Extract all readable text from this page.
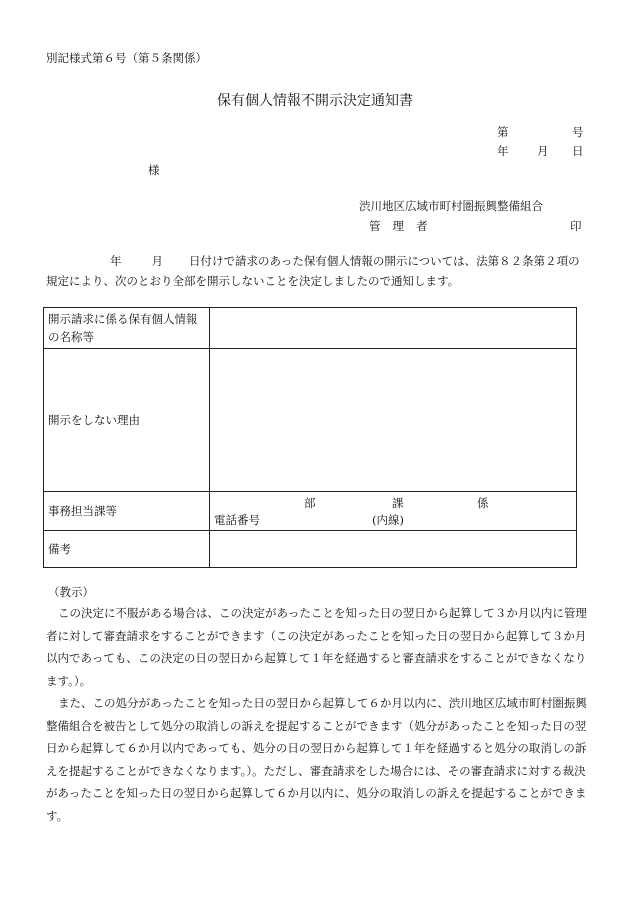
別記様式第６号（第５条関係）
保有個人情報不開示決定通知書
第	号
年 月 日
様
渋川地区広域市町村圏振興整備組合
管理者	印
年	月 日付けで請求のあった保有個人情報の開示については、法第８２条第２項の規定により、次のとおり全部を開示しないことを決定しましたので通知します。
開示請求に係る保有個人情報の名称等	
開示をしない理由	
事務担当課等	部 課 係
電話番号 (内線)

備考	
（教示）
この決定に不服がある場合は、この決定があったことを知った日の翌日から起算して３か月以内に管理者に対して審査請求をすることができます（この決定があったことを知った日の翌日から起算して３か月以内であっても、この決定の日の翌日から起算して１年を経過すると審査請求をすることができなくなります。）。
また、この処分があったことを知った日の翌日から起算して６か月以内に、渋川地区広域市町村圏振興整備組合を被告として処分の取消しの訴えを提起することができます（処分があったことを知った日の翌日から起算して６か月以内であっても、処分の日の翌日から起算して１年を経過すると処分の取消しの訴えを提起することができなくなります。）。ただし、審査請求をした場合には、その審査請求に対する裁決があったことを知った日の翌日から起算して６か月以内に、処分の取消しの訴えを提起することができます。
